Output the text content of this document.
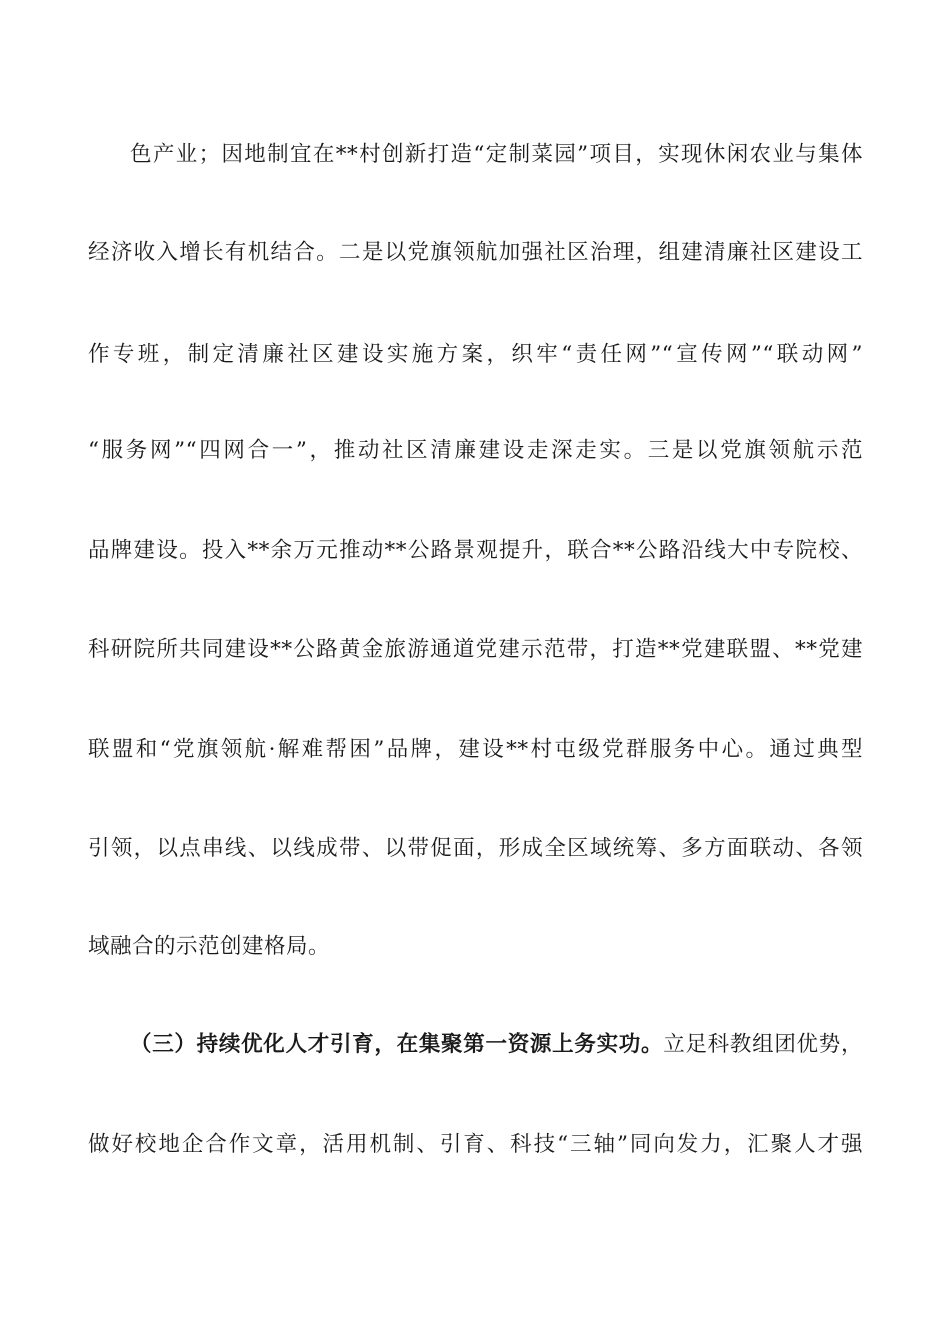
色产业；因地制宜在**村创新打造“定制菜园”项目，实现休闲农业与集体
经济收入增长有机结合。二是以党旗领航加强社区治理，组建清廉社区建设工
作专班，制定清廉社区建设实施方案，织牢“责任网”“宣传网”“联动网”
“服务网”“四网合一”，推动社区清廉建设走深走实。三是以党旗领航示范
品牌建设。投入**余万元推动**公路景观提升，联合**公路沿线大中专院校、
科研院所共同建设**公路黄金旅游通道党建示范带，打造**党建联盟、**党建
联盟和“党旗领航·解难帮困”品牌，建设**村屯级党群服务中心。通过典型
引领，以点串线、以线成带、以带促面，形成全区域统筹、多方面联动、各领
域融合的示范创建格局。
（三）持续优化人才引育，在集聚第一资源上务实功。立足科教组团优势，
做好校地企合作文章，活用机制、引育、科技“三轴”同向发力，汇聚人才强
